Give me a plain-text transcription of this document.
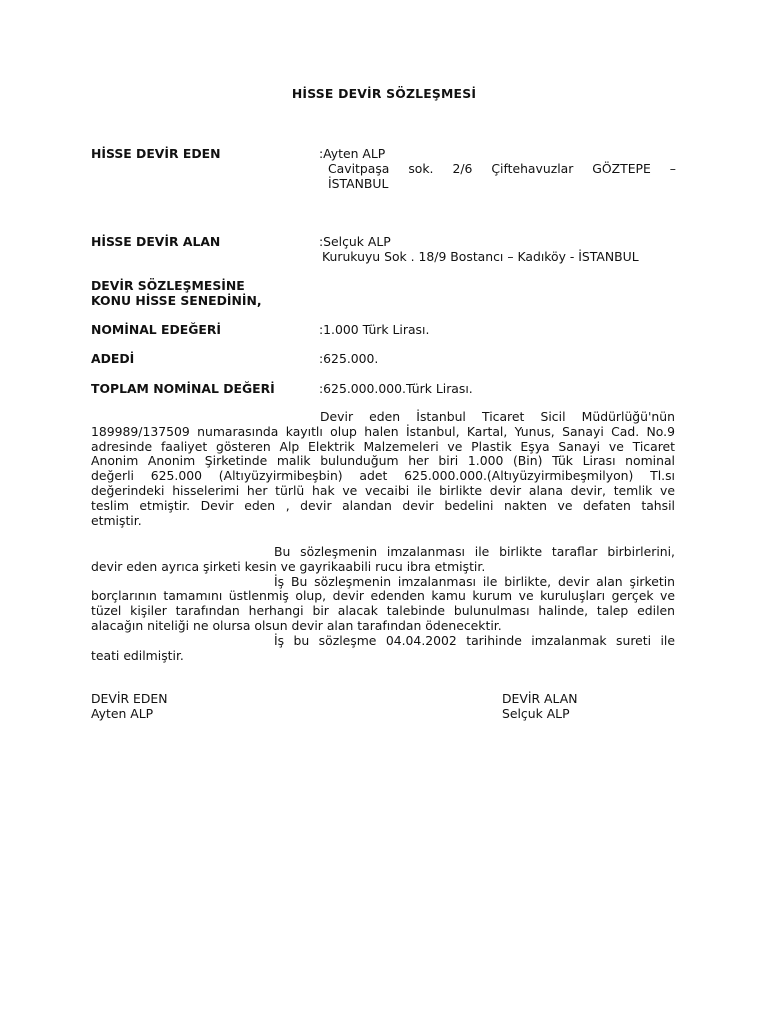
HİSSE DEVİR SÖZLEŞMESİ
HİSSE DEVİR EDEN	:Ayten ALP
Cavitpaşa sok. 2/6 Çiftehavuzlar GÖZTEPE –
İSTANBUL
HİSSE DEVİR ALAN	:Selçuk ALP
Kurukuyu Sok . 18/9 Bostancı – Kadıköy - İSTANBUL
DEVİR SÖZLEŞMESİNE
KONU HİSSE SENEDİNİN,
NOMİNAL EDEĞERİ	:1.000 Türk Lirası.
ADEDİ	:625.000.
TOPLAM NOMİNAL DEĞERİ	:625.000.000.Türk Lirası.
Devir eden İstanbul Ticaret Sicil Müdürlüğü'nün
189989/137509 numarasında kayıtlı olup halen İstanbul, Kartal, Yunus, Sanayi Cad. No.9
adresinde faaliyet gösteren Alp Elektrik Malzemeleri ve Plastik Eşya Sanayi ve Ticaret
Anonim Anonim Şirketinde malik bulunduğum her biri 1.000 (Bin) Tük Lirası nominal
değerli 625.000 (Altıyüzyirmibeşbin) adet 625.000.000.(Altıyüzyirmibeşmilyon) Tl.sı
değerindeki hisselerimi her türlü hak ve vecaibi ile birlikte devir alana devir, temlik ve
teslim etmiştir. Devir eden , devir alandan devir bedelini nakten ve defaten tahsil
etmiştir.
Bu sözleşmenin imzalanması ile birlikte taraflar birbirlerini,
devir eden ayrıca şirketi kesin ve gayrikaabili rucu ibra etmiştir.
İş Bu sözleşmenin imzalanması ile birlikte, devir alan şirketin
borçlarının tamamını üstlenmiş olup, devir edenden kamu kurum ve kuruluşları gerçek ve
tüzel kişiler tarafından herhangi bir alacak talebinde bulunulması halinde, talep edilen
alacağın niteliği ne olursa olsun devir alan tarafından ödenecektir.
İş bu sözleşme 04.04.2002 tarihinde imzalanmak sureti ile
teati edilmiştir.
DEVİR EDEN
Ayten ALP
DEVİR ALAN
Selçuk ALP
